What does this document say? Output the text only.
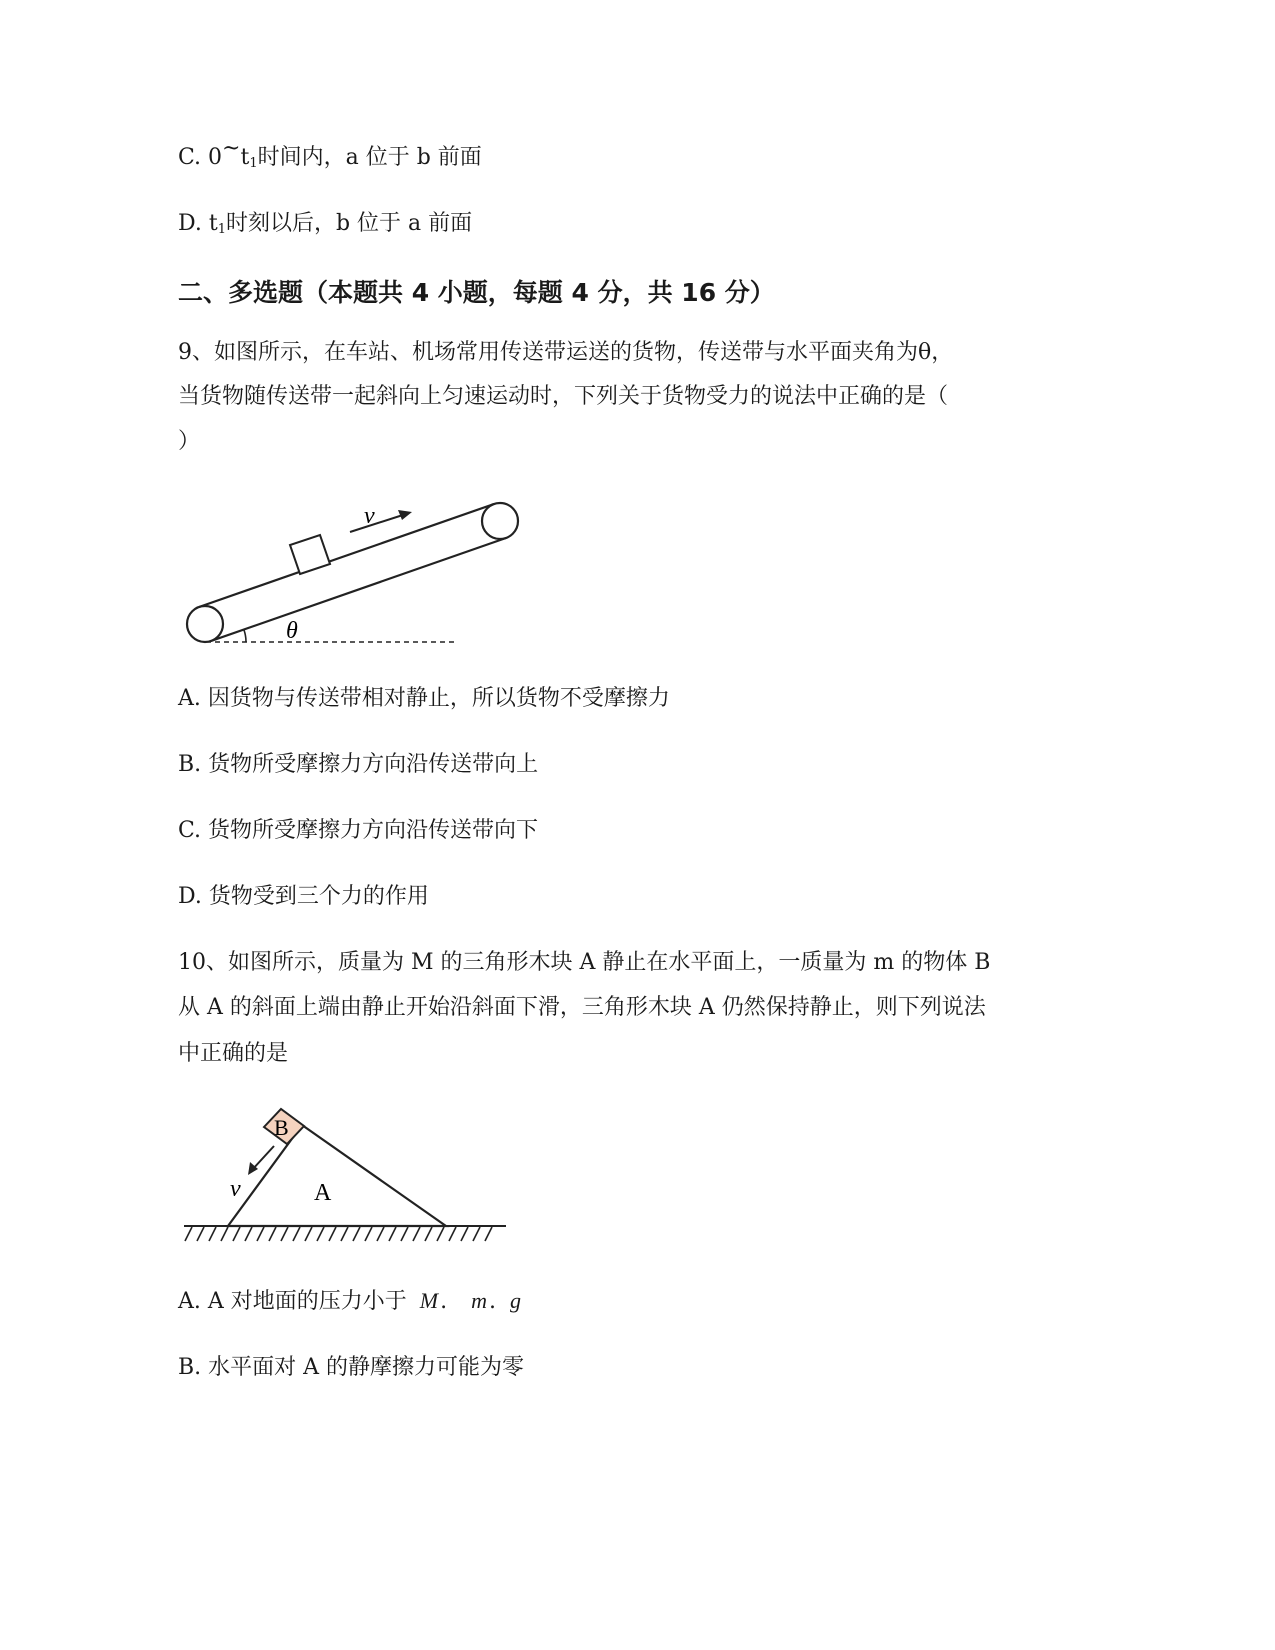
C. $0\sim t_1$时间内，a 位于 b 前面
D. $t_1$时刻以后，b 位于 a 前面
二、多选题（本题共 4 小题，每题 4 分，共 16 分）
9、如图所示，在车站、机场常用传送带运送的货物，传送带与水平面夹角为θ，
当货物随传送带一起斜向上匀速运动时，下列关于货物受力的说法中正确的是（
）
v
θ
A. 因货物与传送带相对静止，所以货物不受摩擦力
B. 货物所受摩擦力方向沿传送带向上
C. 货物所受摩擦力方向沿传送带向下
D. 货物受到三个力的作用
10、如图所示，质量为 M 的三角形木块 A 静止在水平面上，一质量为 m 的物体 B
从 A 的斜面上端由静止开始沿斜面下滑，三角形木块 A 仍然保持静止，则下列说法
中正确的是
A
B
v
A. A 对地面的压力小于 M. m. g
B. 水平面对 A 的静摩擦力可能为零
